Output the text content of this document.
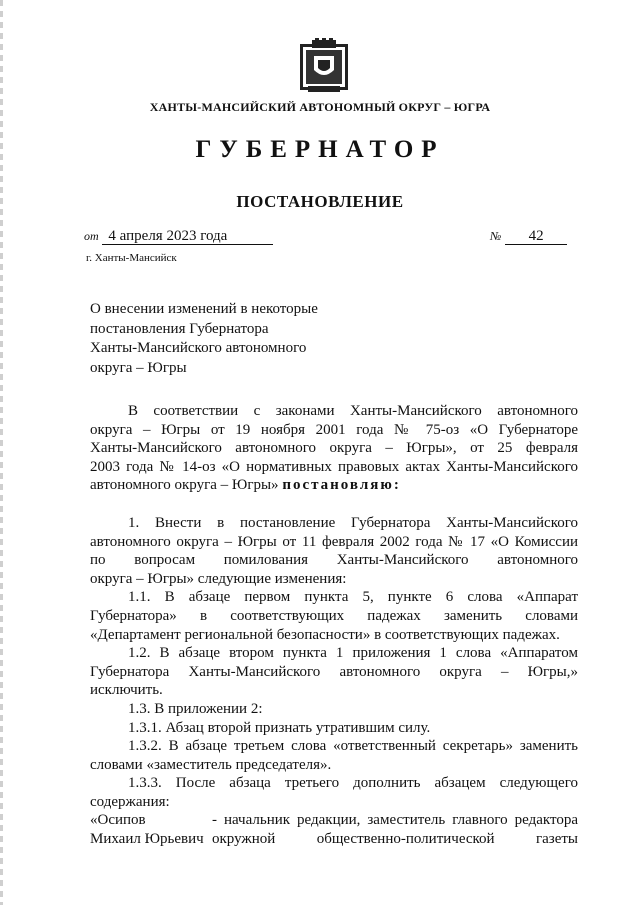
ХАНТЫ-МАНСИЙСКИЙ АВТОНОМНЫЙ ОКРУГ – ЮГРА
ГУБЕРНАТОР
ПОСТАНОВЛЕНИЕ
от 4 апреля 2023 года	№ 42
г. Ханты-Мансийск
О внесении изменений в некоторые
постановления Губернатора
Ханты-Мансийского автономного
округа – Югры
В соответствии с законами Ханты-Мансийского автономного
округа – Югры от 19 ноября 2001 года № 75-оз «О Губернаторе
Ханты-Мансийского автономного округа – Югры», от 25 февраля
2003 года № 14-оз «О нормативных правовых актах Ханты-Мансийского
автономного округа – Югры» постановляю:
1. Внести в постановление Губернатора Ханты-Мансийского
автономного округа – Югры от 11 февраля 2002 года № 17 «О Комиссии
по вопросам помилования Ханты-Мансийского автономного
округа – Югры» следующие изменения:
1.1. В абзаце первом пункта 5, пункте 6 слова «Аппарат
Губернатора» в соответствующих падежах заменить словами
«Департамент региональной безопасности» в соответствующих падежах.
1.2. В абзаце втором пункта 1 приложения 1 слова «Аппаратом
Губернатора Ханты-Мансийского автономного округа – Югры,»
исключить.
1.3. В приложении 2:
1.3.1. Абзац второй признать утратившим силу.
1.3.2. В абзаце третьем слова «ответственный секретарь» заменить
словами «заместитель председателя».
1.3.3. После абзаца третьего дополнить абзацем следующего
содержания:
«Осипов	- начальник редакции, заместитель главного редактора
Михаил Юрьевич окружной общественно-политической газеты
